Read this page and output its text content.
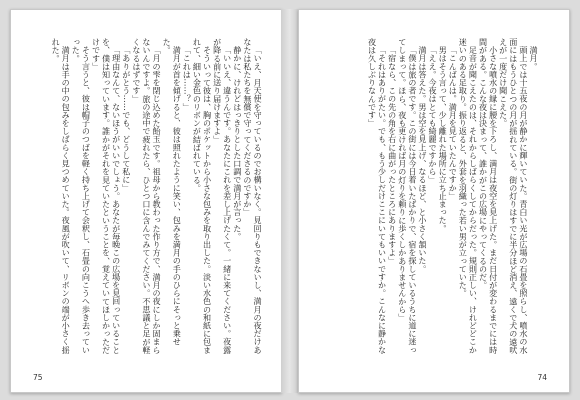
「いえ、月天使を守っているのでお構いなく。見回りもできないし、満月の夜だけあなたは私たちを無償で守ってくださるのですか」

静かに、けれどはっきりとした口調で満月が言った。

「いいえ、違うんです。あなたにこれを差し上げたくて。一緒に来てください。夜露が降る前に送り届けますよ」

そういって彼は、胸のポケットから小さな包みを取り出した。淡い水色の和紙に包まれて、細い金色のリボンが結ばれている。

「これは……？」

満月が首を傾げると、彼は照れたように笑い、包みを満月の手のひらにそっと乗せた。

「月の雫を閉じ込めた飴玉です。祖母から教わった作り方で、満月の夜にしか固まらないんですよ。旅の途中で疲れたら、ひとつ口に含んでみてください。不思議と足が軽くなるはずです」

「ありがとう……でも、どうして私に」

「理由なんて、ないほうがいいでしょう。あなたが毎晩この広場を見回っていることを、僕は知っています。誰かがそれを見ていたということを、覚えていてほしかっただけです」

そう言うと、彼は帽子のつばを軽く持ち上げて会釈し、石畳の向こうへ歩き去っていった。

満月は手の中の包みをしばらく見つめていた。夜風が吹いて、リボンの端が小さく揺れた。

75

満月。

頭上では十五夜の月が静かに輝いていた。青白い光が広場の石畳を照らし、噴水の水面にはもうひとつの月が揺れている。街の灯りはすでに半分ほど消え、遠くで犬の遠吠えが一度だけ聞こえた。

小さな噴水の縁に腰を下ろし、満月は夜空を見上げた。まだ日付が変わるまでには時間がある。こんな夜は決まって、誰かがこの広場にやってくるのだ。

足音が聞こえたのは、それからしばらくしてからだった。規則正しい、けれどどこか迷いのある足取り。振り返ると、外套を羽織った若い男が立っていた。

「こんばんは。満月を見ていたんですか」

男はそう言って、少し離れた場所に立ち止まった。

「ええ。今夜はとても綺麗ですから」

満月は答えた。男は空を見上げ、なるほど、と小さく頷いた。

「僕は旅の者です。この街には今日着いたばかりで、宿を探しているうちに道に迷ってしまって。ほら、夜も更ければ月の灯りを頼りに歩くしかありませんから」

「宿なら、この先の角を右に曲がったところにありますよ」

「それはありがたい。でも、もう少しだけここにいてもいいですか。こんなに静かな夜は久しぶりなんです」

74
